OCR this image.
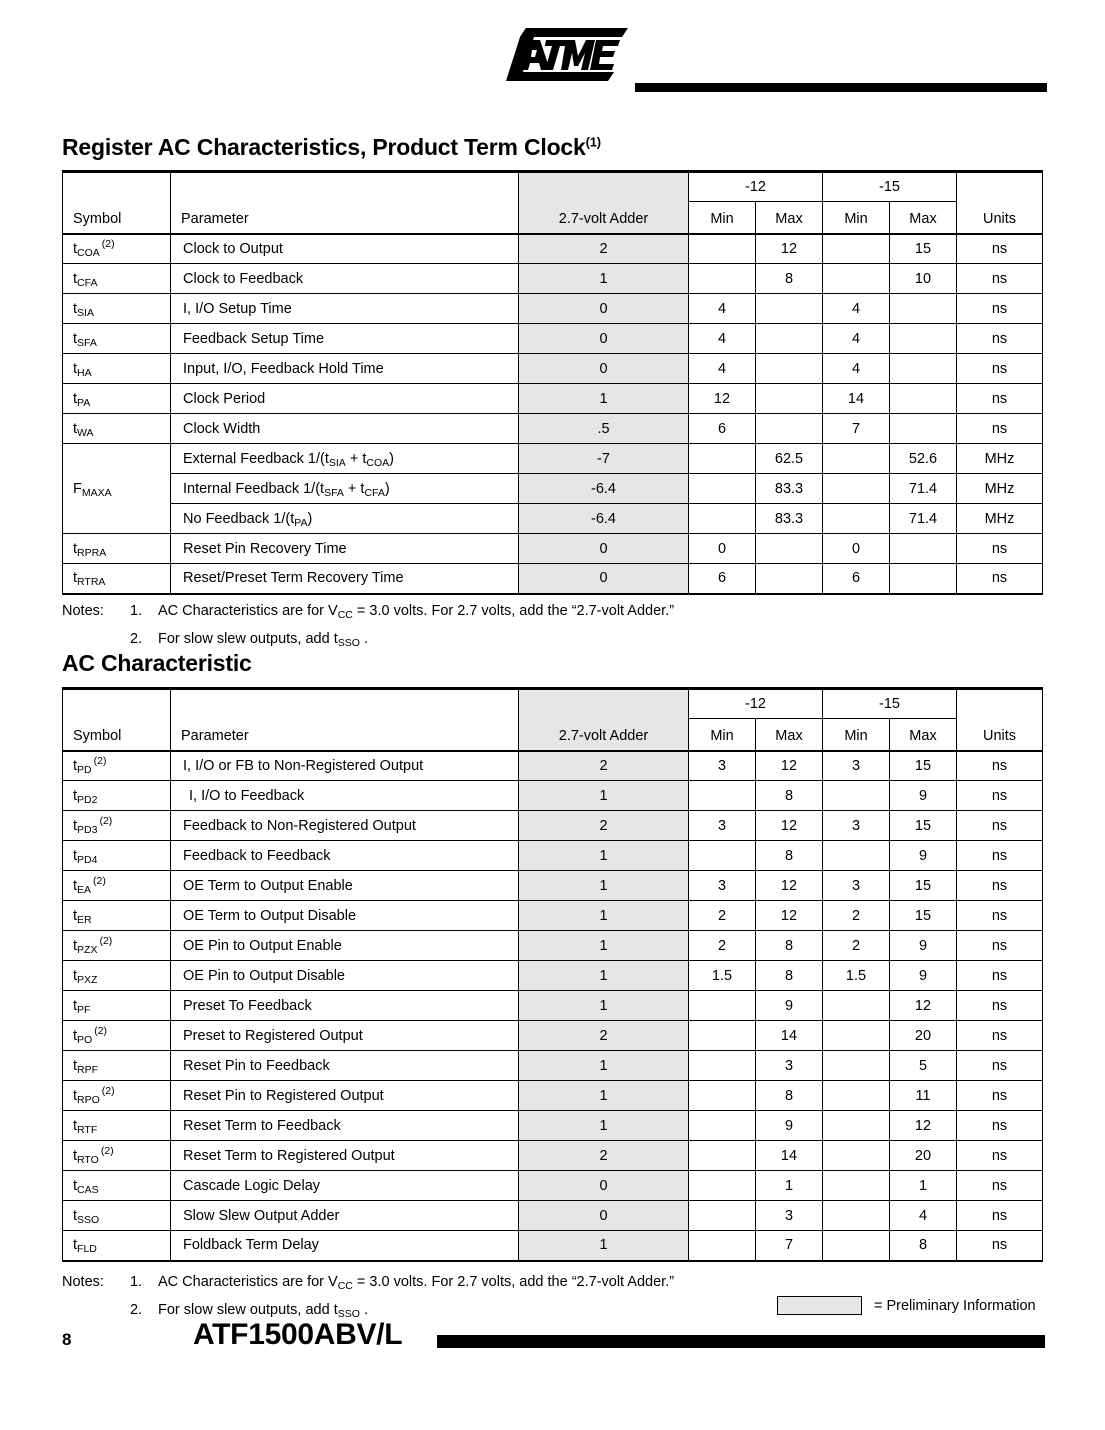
Register AC Characteristics, Product Term Clock$^{(1)}$
Symbol	Parameter	2.7-volt Adder	-12		-15		Units
			Min	Max	Min	Max	
$t_{COA}^{(2)}$	Clock to Output	2		12		15	ns
$t_{CFA}$	Clock to Feedback	1		8		10	ns
$t_{SIA}$	I, I/O Setup Time	0	4		4		ns
$t_{SFA}$	Feedback Setup Time	0	4		4		ns
$t_{HA}$	Input, I/O, Feedback Hold Time	0	4		4		ns
$t_{PA}$	Clock Period	1	12		14		ns
$t_{WA}$	Clock Width	.5	6		7		ns
$F_{MAXA}$	External Feedback $1/(t_{SIA} + t_{COA})$	-7		62.5		52.6	MHz
	Internal Feedback $1/(t_{SFA} + t_{CFA})$	-6.4		83.3		71.4	MHz
	No Feedback $1/(t_{PA})$	-6.4		83.3		71.4	MHz
$t_{RPRA}$	Reset Pin Recovery Time	0	0		0		ns
$t_{RTRA}$	Reset/Preset Term Recovery Time	0	6		6		ns
Notes: 1. AC Characteristics are for $V_{CC} = 3.0$ volts. For 2.7 volts, add the “2.7-volt Adder.”
2. For slow slew outputs, add $t_{SSO}$ .
AC Characteristic
Symbol	Parameter	2.7-volt Adder	-12		-15		Units
			Min	Max	Min	Max	
$t_{PD}^{(2)}$	I, I/O or FB to Non-Registered Output	2	3	12	3	15	ns
$t_{PD2}$	I, I/O to Feedback	1		8		9	ns
$t_{PD3}^{(2)}$	Feedback to Non-Registered Output	2	3	12	3	15	ns
$t_{PD4}$	Feedback to Feedback	1		8		9	ns
$t_{EA}^{(2)}$	OE Term to Output Enable	1	3	12	3	15	ns
$t_{ER}$	OE Term to Output Disable	1	2	12	2	15	ns
$t_{PZX}^{(2)}$	OE Pin to Output Enable	1	2	8	2	9	ns
$t_{PXZ}$	OE Pin to Output Disable	1	1.5	8	1.5	9	ns
$t_{PF}$	Preset To Feedback	1		9		12	ns
$t_{PO}^{(2)}$	Preset to Registered Output	2		14		20	ns
$t_{RPF}$	Reset Pin to Feedback	1		3		5	ns
$t_{RPO}^{(2)}$	Reset Pin to Registered Output	1		8		11	ns
$t_{RTF}$	Reset Term to Feedback	1		9		12	ns
$t_{RTO}^{(2)}$	Reset Term to Registered Output	2		14		20	ns
$t_{CAS}$	Cascade Logic Delay	0		1		1	ns
$t_{SSO}$	Slow Slew Output Adder	0		3		4	ns
$t_{FLD}$	Foldback Term Delay	1		7		8	ns
Notes: 1. AC Characteristics are for $V_{CC} = 3.0$ volts. For 2.7 volts, add the “2.7-volt Adder.”
2. For slow slew outputs, add $t_{SSO}$ .	= Preliminary Information
8	ATF1500ABV/L
